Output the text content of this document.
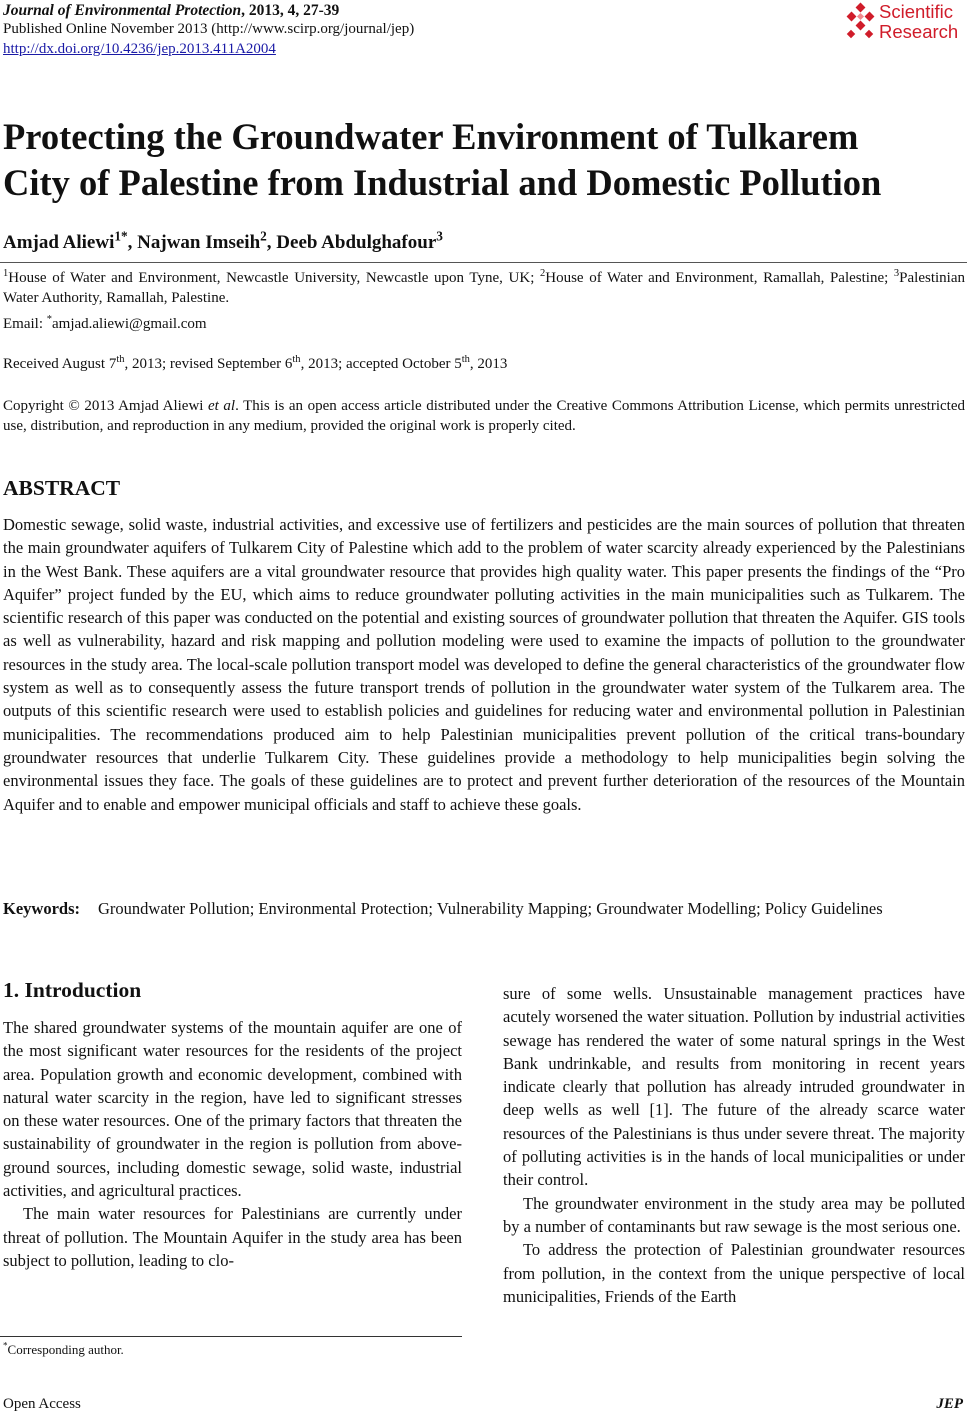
Journal of Environmental Protection, 2013, 4, 27-39
Published Online November 2013 (http://www.scirp.org/journal/jep)
http://dx.doi.org/10.4236/jep.2013.411A2004
Scientific
Research
Protecting the Groundwater Environment of Tulkarem
City of Palestine from Industrial and Domestic Pollution
Amjad Aliewi$^{1*}$, Najwan Imseih$^2$, Deeb Abdulghafour$^3$
$^1$House of Water and Environment, Newcastle University, Newcastle upon Tyne, UK; $^2$House of Water and Environment, Ramallah, Palestine; $^3$Palestinian Water Authority, Ramallah, Palestine.
Email: *amjad.aliewi@gmail.com
Received August 7th, 2013; revised September 6th, 2013; accepted October 5th, 2013
Copyright © 2013 Amjad Aliewi et al. This is an open access article distributed under the Creative Commons Attribution License, which permits unrestricted use, distribution, and reproduction in any medium, provided the original work is properly cited.
ABSTRACT
Domestic sewage, solid waste, industrial activities, and excessive use of fertilizers and pesticides are the main sources of pollution that threaten the main groundwater aquifers of Tulkarem City of Palestine which add to the problem of water scarcity already experienced by the Palestinians in the West Bank. These aquifers are a vital groundwater resource that provides high quality water. This paper presents the findings of the “Pro Aquifer” project funded by the EU, which aims to reduce groundwater polluting activities in the main municipalities such as Tulkarem. The scientific research of this paper was conducted on the potential and existing sources of groundwater pollution that threaten the Aquifer. GIS tools as well as vulnerability, hazard and risk mapping and pollution modeling were used to examine the impacts of pollution to the groundwater resources in the study area. The local-scale pollution transport model was developed to define the general characteristics of the groundwater flow system as well as to consequently assess the future transport trends of pollution in the groundwater water system of the Tulkarem area. The outputs of this scientific research were used to establish policies and guidelines for reducing water and environmental pollution in Palestinian municipalities. The recommendations produced aim to help Palestinian municipalities prevent pollution of the critical trans-boundary groundwater resources that underlie Tulkarem City. These guidelines provide a methodology to help municipalities begin solving the environmental issues they face. The goals of these guidelines are to protect and prevent further deterioration of the resources of the Mountain Aquifer and to enable and empower municipal officials and staff to achieve these goals.
Keywords: Groundwater Pollution; Environmental Protection; Vulnerability Mapping; Groundwater Modelling; Policy Guidelines
1. Introduction

The shared groundwater systems of the mountain aquifer are one of the most significant water resources for the residents of the project area. Population growth and economic development, combined with natural water scarcity in the region, have led to significant stresses on these water resources. One of the primary factors that threaten the sustainability of groundwater in the region is pollution from above-ground sources, including domestic sewage, solid waste, industrial activities, and agricultural practices.

The main water resources for Palestinians are currently under threat of pollution. The Mountain Aquifer in the study area has been subject to pollution, leading to clo-

sure of some wells. Unsustainable management practices have acutely worsened the water situation. Pollution by industrial activities sewage has rendered the water of some natural springs in the West Bank undrinkable, and results from monitoring in recent years indicate clearly that pollution has already intruded groundwater in deep wells as well [1]. The future of the already scarce water resources of the Palestinians is thus under severe threat. The majority of polluting activities is in the hands of local municipalities or under their control.

The groundwater environment in the study area may be polluted by a number of contaminants but raw sewage is the most serious one.

To address the protection of Palestinian groundwater resources from pollution, in the context from the unique perspective of local municipalities, Friends of the Earth

*Corresponding author.
Open Access	JEP
